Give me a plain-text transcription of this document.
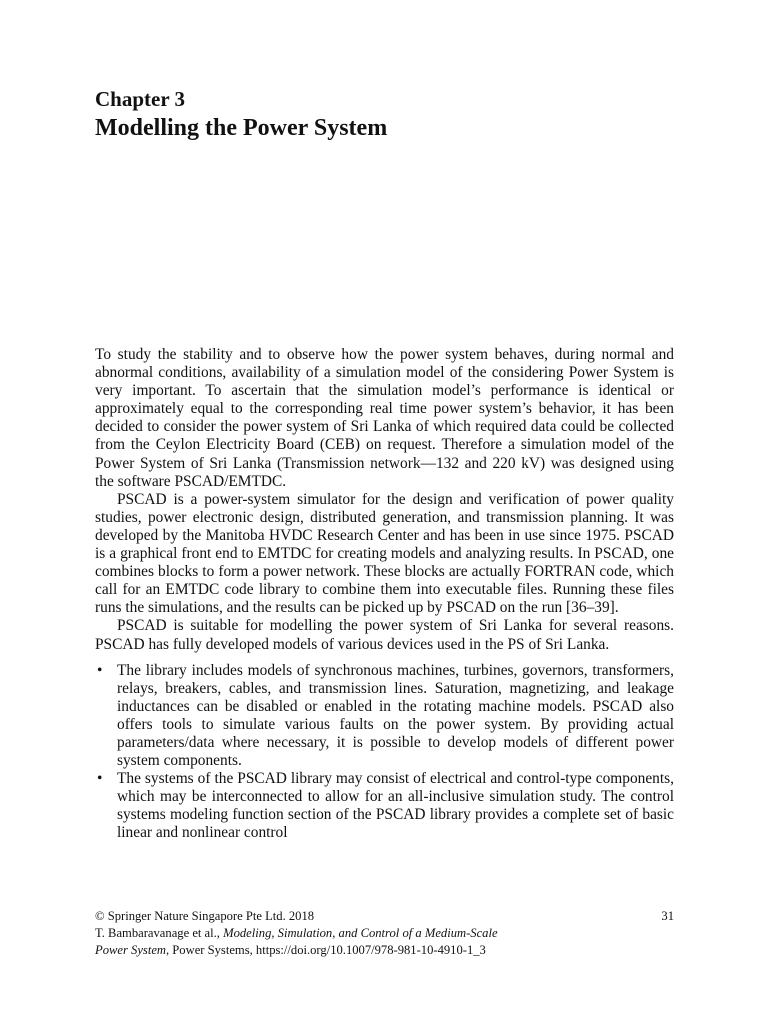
Chapter 3
Modelling the Power System

To study the stability and to observe how the power system behaves, during normal and abnormal conditions, availability of a simulation model of the considering Power System is very important. To ascertain that the simulation model’s performance is identical or approximately equal to the corresponding real time power system’s behavior, it has been decided to consider the power system of Sri Lanka of which required data could be collected from the Ceylon Electricity Board (CEB) on request. Therefore a simulation model of the Power System of Sri Lanka (Transmission network—132 and 220 kV) was designed using the software PSCAD/EMTDC.

PSCAD is a power-system simulator for the design and verification of power quality studies, power electronic design, distributed generation, and transmission planning. It was developed by the Manitoba HVDC Research Center and has been in use since 1975. PSCAD is a graphical front end to EMTDC for creating models and analyzing results. In PSCAD, one combines blocks to form a power network. These blocks are actually FORTRAN code, which call for an EMTDC code library to combine them into executable files. Running these files runs the simulations, and the results can be picked up by PSCAD on the run [36–39].

PSCAD is suitable for modelling the power system of Sri Lanka for several reasons. PSCAD has fully developed models of various devices used in the PS of Sri Lanka.

• The library includes models of synchronous machines, turbines, governors, transformers, relays, breakers, cables, and transmission lines. Saturation, magnetizing, and leakage inductances can be disabled or enabled in the rotating machine models. PSCAD also offers tools to simulate various faults on the power system. By providing actual parameters/data where necessary, it is possible to develop models of different power system components.
• The systems of the PSCAD library may consist of electrical and control-type components, which may be interconnected to allow for an all-inclusive simulation study. The control systems modeling function section of the PSCAD library provides a complete set of basic linear and nonlinear control
© Springer Nature Singapore Pte Ltd. 2018	31
T. Bambaravanage et al., Modeling, Simulation, and Control of a Medium-Scale
Power System, Power Systems, https://doi.org/10.1007/978-981-10-4910-1_3
